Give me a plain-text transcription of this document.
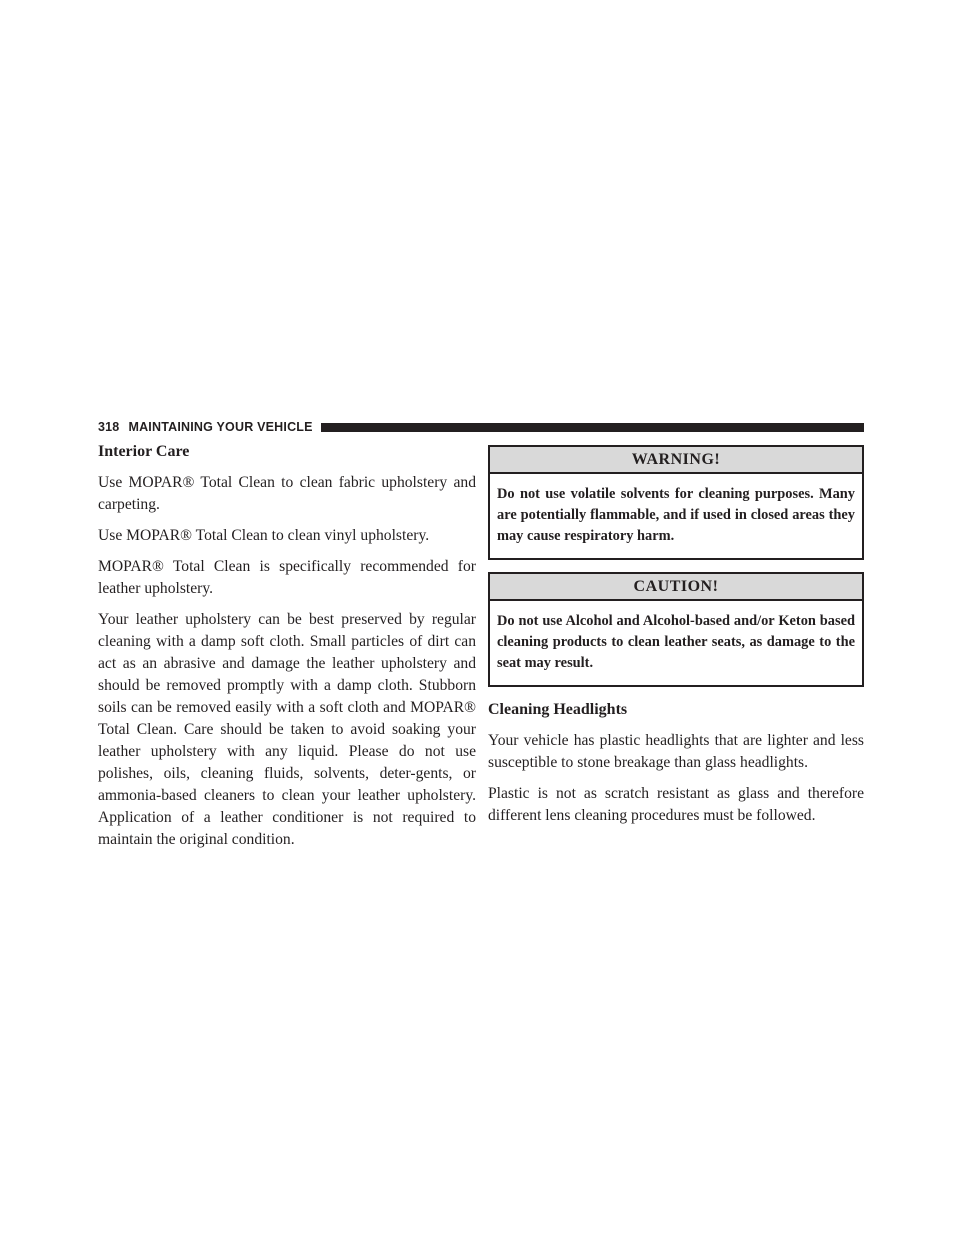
318 MAINTAINING YOUR VEHICLE
Interior Care

Use MOPAR® Total Clean to clean fabric upholstery and carpeting.

Use MOPAR® Total Clean to clean vinyl upholstery.

MOPAR® Total Clean is specifically recommended for leather upholstery.

Your leather upholstery can be best preserved by regular cleaning with a damp soft cloth. Small particles of dirt can act as an abrasive and damage the leather upholstery and should be removed promptly with a damp cloth. Stubborn soils can be removed easily with a soft cloth and MOPAR® Total Clean. Care should be taken to avoid soaking your leather upholstery with any liquid. Please do not use polishes, oils, cleaning fluids, solvents, deter-gents, or ammonia-based cleaners to clean your leather upholstery. Application of a leather conditioner is not required to maintain the original condition.

WARNING!
Do not use volatile solvents for cleaning purposes. Many are potentially flammable, and if used in closed areas they may cause respiratory harm.
CAUTION!
Do not use Alcohol and Alcohol-based and/or Keton based cleaning products to clean leather seats, as damage to the seat may result.
Cleaning Headlights

Your vehicle has plastic headlights that are lighter and less susceptible to stone breakage than glass headlights.

Plastic is not as scratch resistant as glass and therefore different lens cleaning procedures must be followed.
